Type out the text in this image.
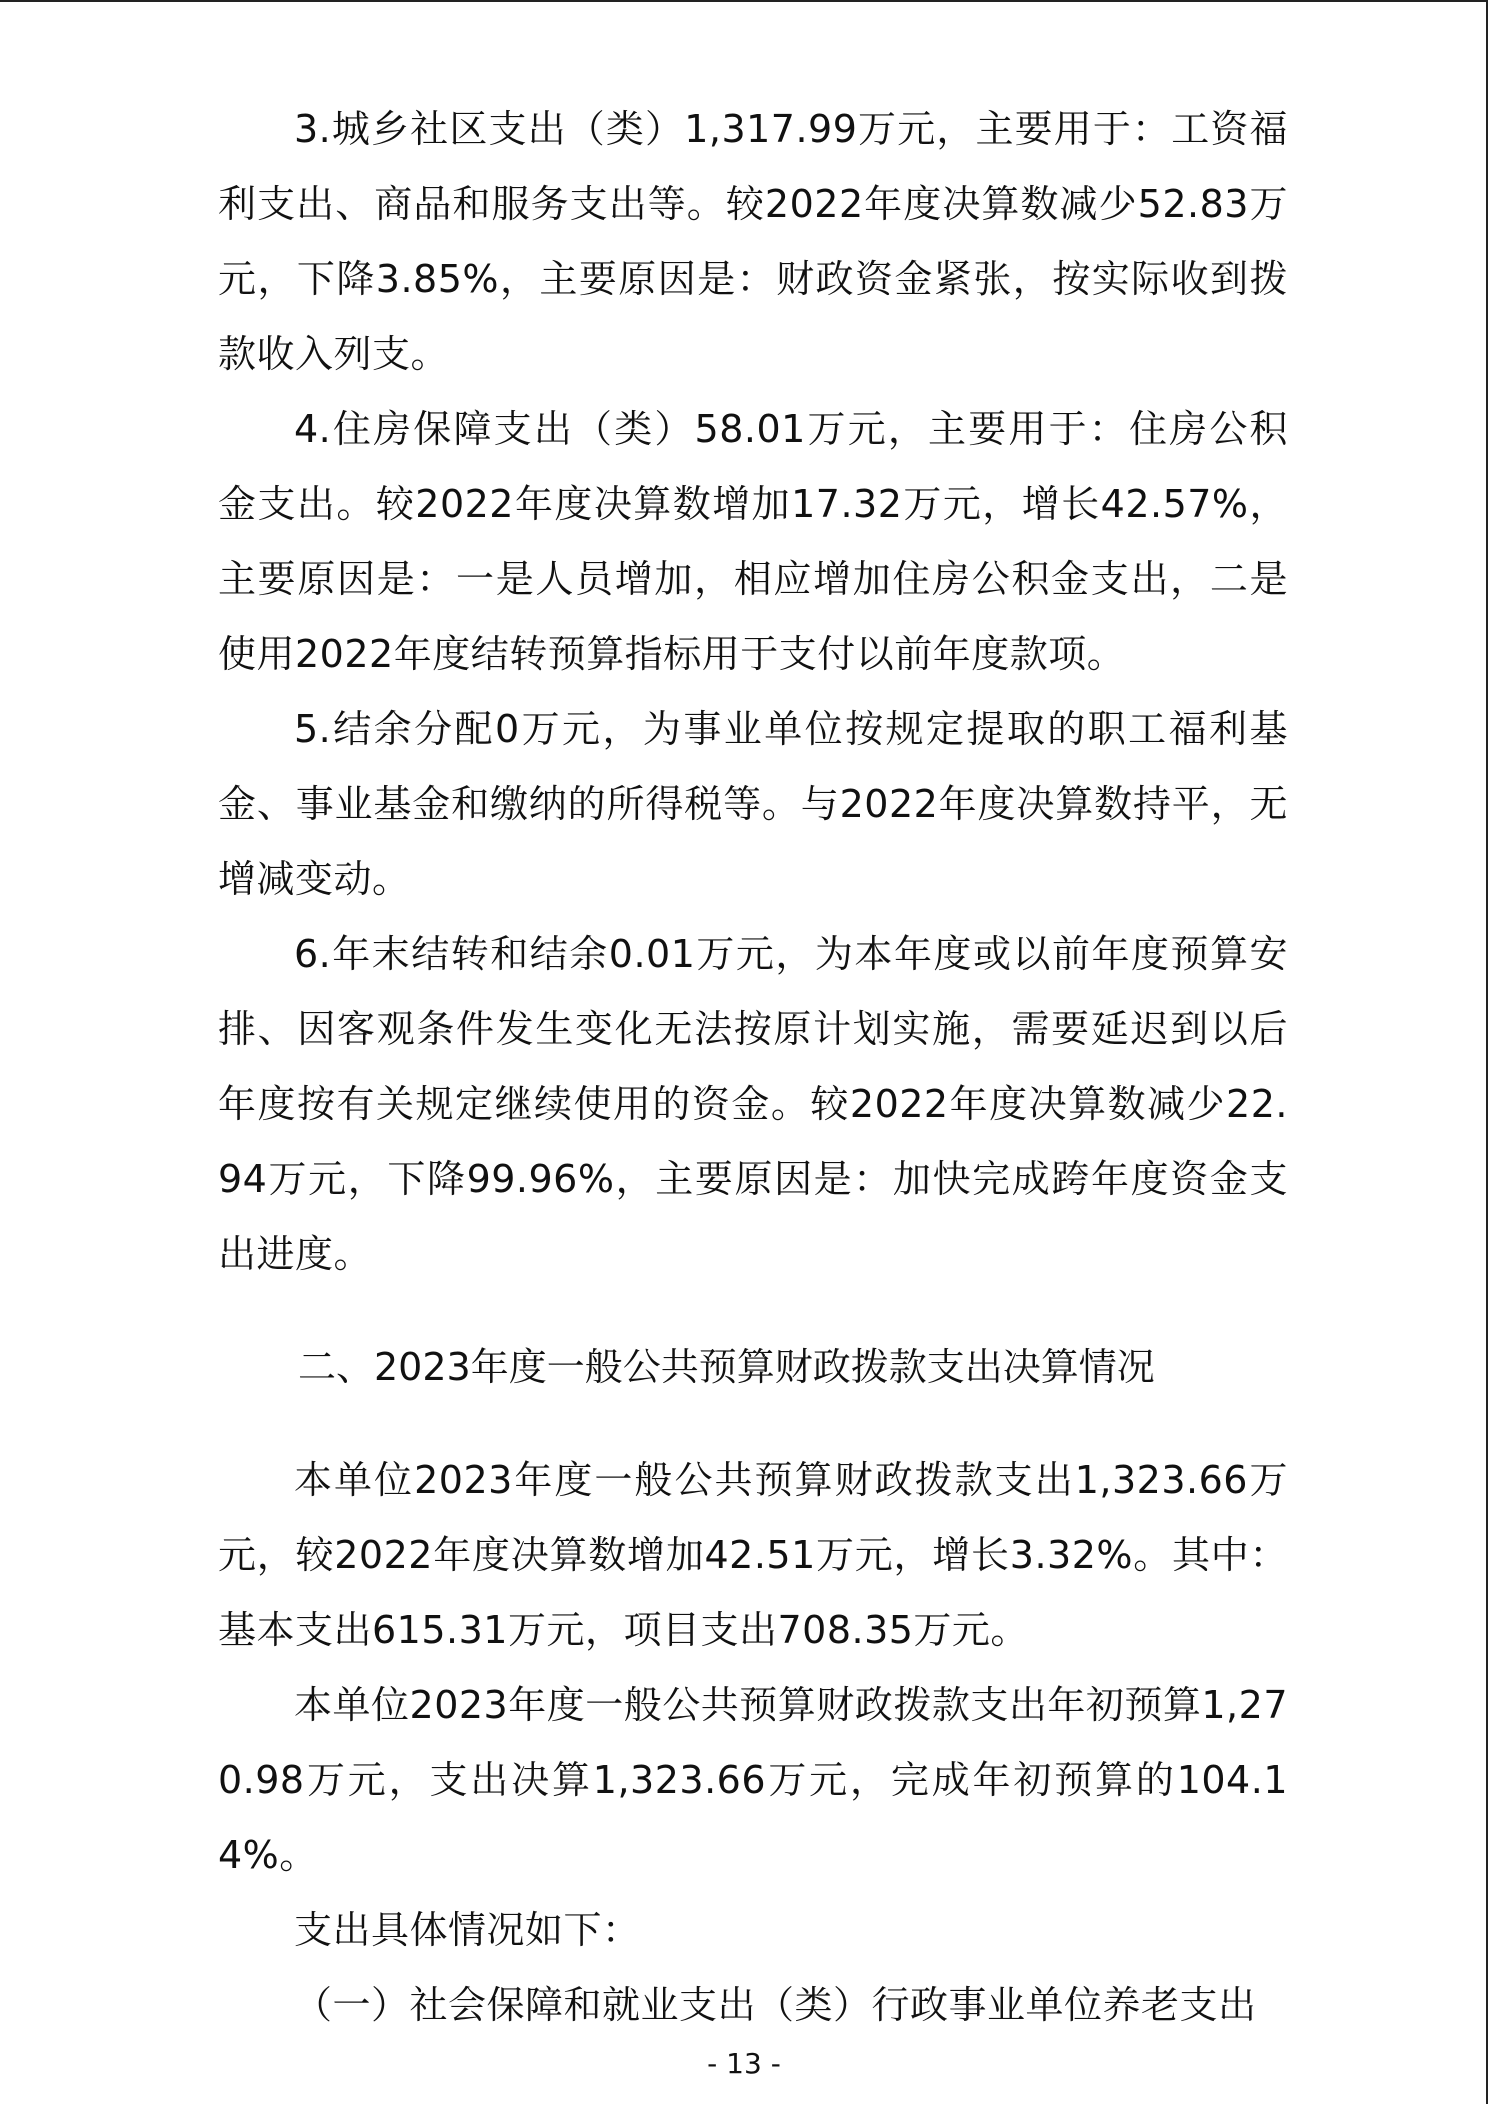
3.城乡社区支出（类）1,317.99万元，主要用于：工资福利支出、商品和服务支出等。较2022年度决算数减少52.83万元，下降3.85%，主要原因是：财政资金紧张，按实际收到拨款收入列支。

4.住房保障支出（类）58.01万元，主要用于：住房公积金支出。较2022年度决算数增加17.32万元，增长42.57%，主要原因是：一是人员增加，相应增加住房公积金支出，二是使用2022年度结转预算指标用于支付以前年度款项。

5.结余分配0万元，为事业单位按规定提取的职工福利基金、事业基金和缴纳的所得税等。与2022年度决算数持平，无增减变动。

6.年末结转和结余0.01万元，为本年度或以前年度预算安排、因客观条件发生变化无法按原计划实施，需要延迟到以后年度按有关规定继续使用的资金。较2022年度决算数减少22.94万元，下降99.96%，主要原因是：加快完成跨年度资金支出进度。

二、2023年度一般公共预算财政拨款支出决算情况

本单位2023年度一般公共预算财政拨款支出1,323.66万元，较2022年度决算数增加42.51万元，增长3.32%。其中：基本支出615.31万元，项目支出708.35万元。

本单位2023年度一般公共预算财政拨款支出年初预算1,270.98万元，支出决算1,323.66万元，完成年初预算的104.14%。

支出具体情况如下：

（一）社会保障和就业支出（类）行政事业单位养老支出

- 13 -
